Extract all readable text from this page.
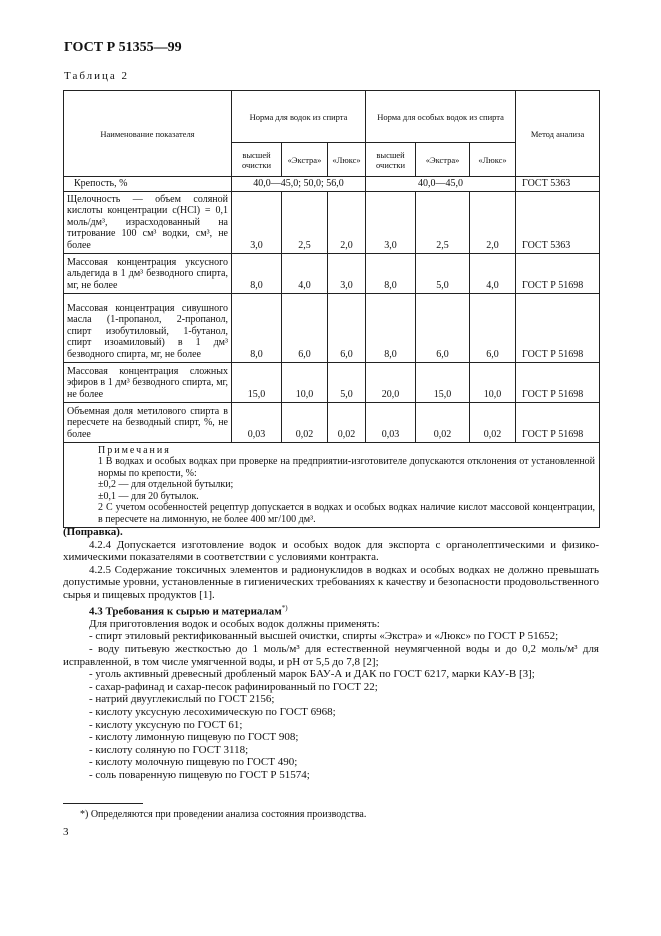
ГОСТ Р 51355—99
Таблица 2
Наименование показателя	Норма для водок из спирта			Норма для особых водок из спирта			Метод анализа
	высшей очистки	«Экстра»	«Люкс»	высшей очистки	«Экстра»	«Люкс»	
Крепость, %	40,0—45,0; 50,0; 56,0			40,0—45,0			ГОСТ 5363
Щелочность — объем соляной кислоты концентрации c(HCl) = 0,1 моль/дм³, израсходованный на титрование 100 см³ водки, см³, не более	3,0	2,5	2,0	3,0	2,5	2,0	ГОСТ 5363
Массовая концентрация уксусного альдегида в 1 дм³ безводного спирта, мг, не более	8,0	4,0	3,0	8,0	5,0	4,0	ГОСТ Р 51698
Массовая концентрация сивушного масла (1-пропанол, 2-пропанол, спирт изобутиловый, 1-бутанол, спирт изоамиловый) в 1 дм³ безводного спирта, мг, не более	8,0	6,0	6,0	8,0	6,0	6,0	ГОСТ Р 51698
Массовая концентрация сложных эфиров в 1 дм³ безводного спирта, мг, не более	15,0	10,0	5,0	20,0	15,0	10,0	ГОСТ Р 51698
Объемная доля метилового спирта в пересчете на безводный спирт, %, не более	0,03	0,02	0,02	0,03	0,02	0,02	ГОСТ Р 51698

Примечания
1 В водках и особых водках при проверке на предприятии-изготовителе допускаются отклонения от установленной нормы по крепости, %:
±0,2 — для отдельной бутылки;
±0,1 — для 20 бутылок.
2 С учетом особенностей рецептур допускается в водках и особых водках наличие кислот массовой концентрации, в пересчете на лимонную, не более 400 мг/100 дм³.							

(Поправка).

4.2.4 Допускается изготовление водок и особых водок для экспорта с органолептическими и физико-химическими показателями в соответствии с условиями контракта.

4.2.5 Содержание токсичных элементов и радионуклидов в водках и особых водках не должно превышать допустимые уровни, установленные в гигиенических требованиях к качеству и безопасности продовольственного сырья и пищевых продуктов [1].

4.3 Требования к сырью и материалам*)

Для приготовления водок и особых водок должны применять:

- спирт этиловый ректификованный высшей очистки, спирты «Экстра» и «Люкс» по ГОСТ Р 51652;

- воду питьевую жесткостью до 1 моль/м³ для естественной неумягченной воды и до 0,2 моль/м³ для исправленной, в том числе умягченной воды, и pH от 5,5 до 7,8 [2];

- уголь активный древесный дробленый марок БАУ-А и ДАК по ГОСТ 6217, марки КАУ-В [3];

- сахар-рафинад и сахар-песок рафинированный по ГОСТ 22;

- натрий двууглекислый по ГОСТ 2156;

- кислоту уксусную лесохимическую по ГОСТ 6968;

- кислоту уксусную по ГОСТ 61;

- кислоту лимонную пищевую по ГОСТ 908;

- кислоту соляную по ГОСТ 3118;

- кислоту молочную пищевую по ГОСТ 490;

- соль поваренную пищевую по ГОСТ Р 51574;

*) Определяются при проведении анализа состояния производства.
3
